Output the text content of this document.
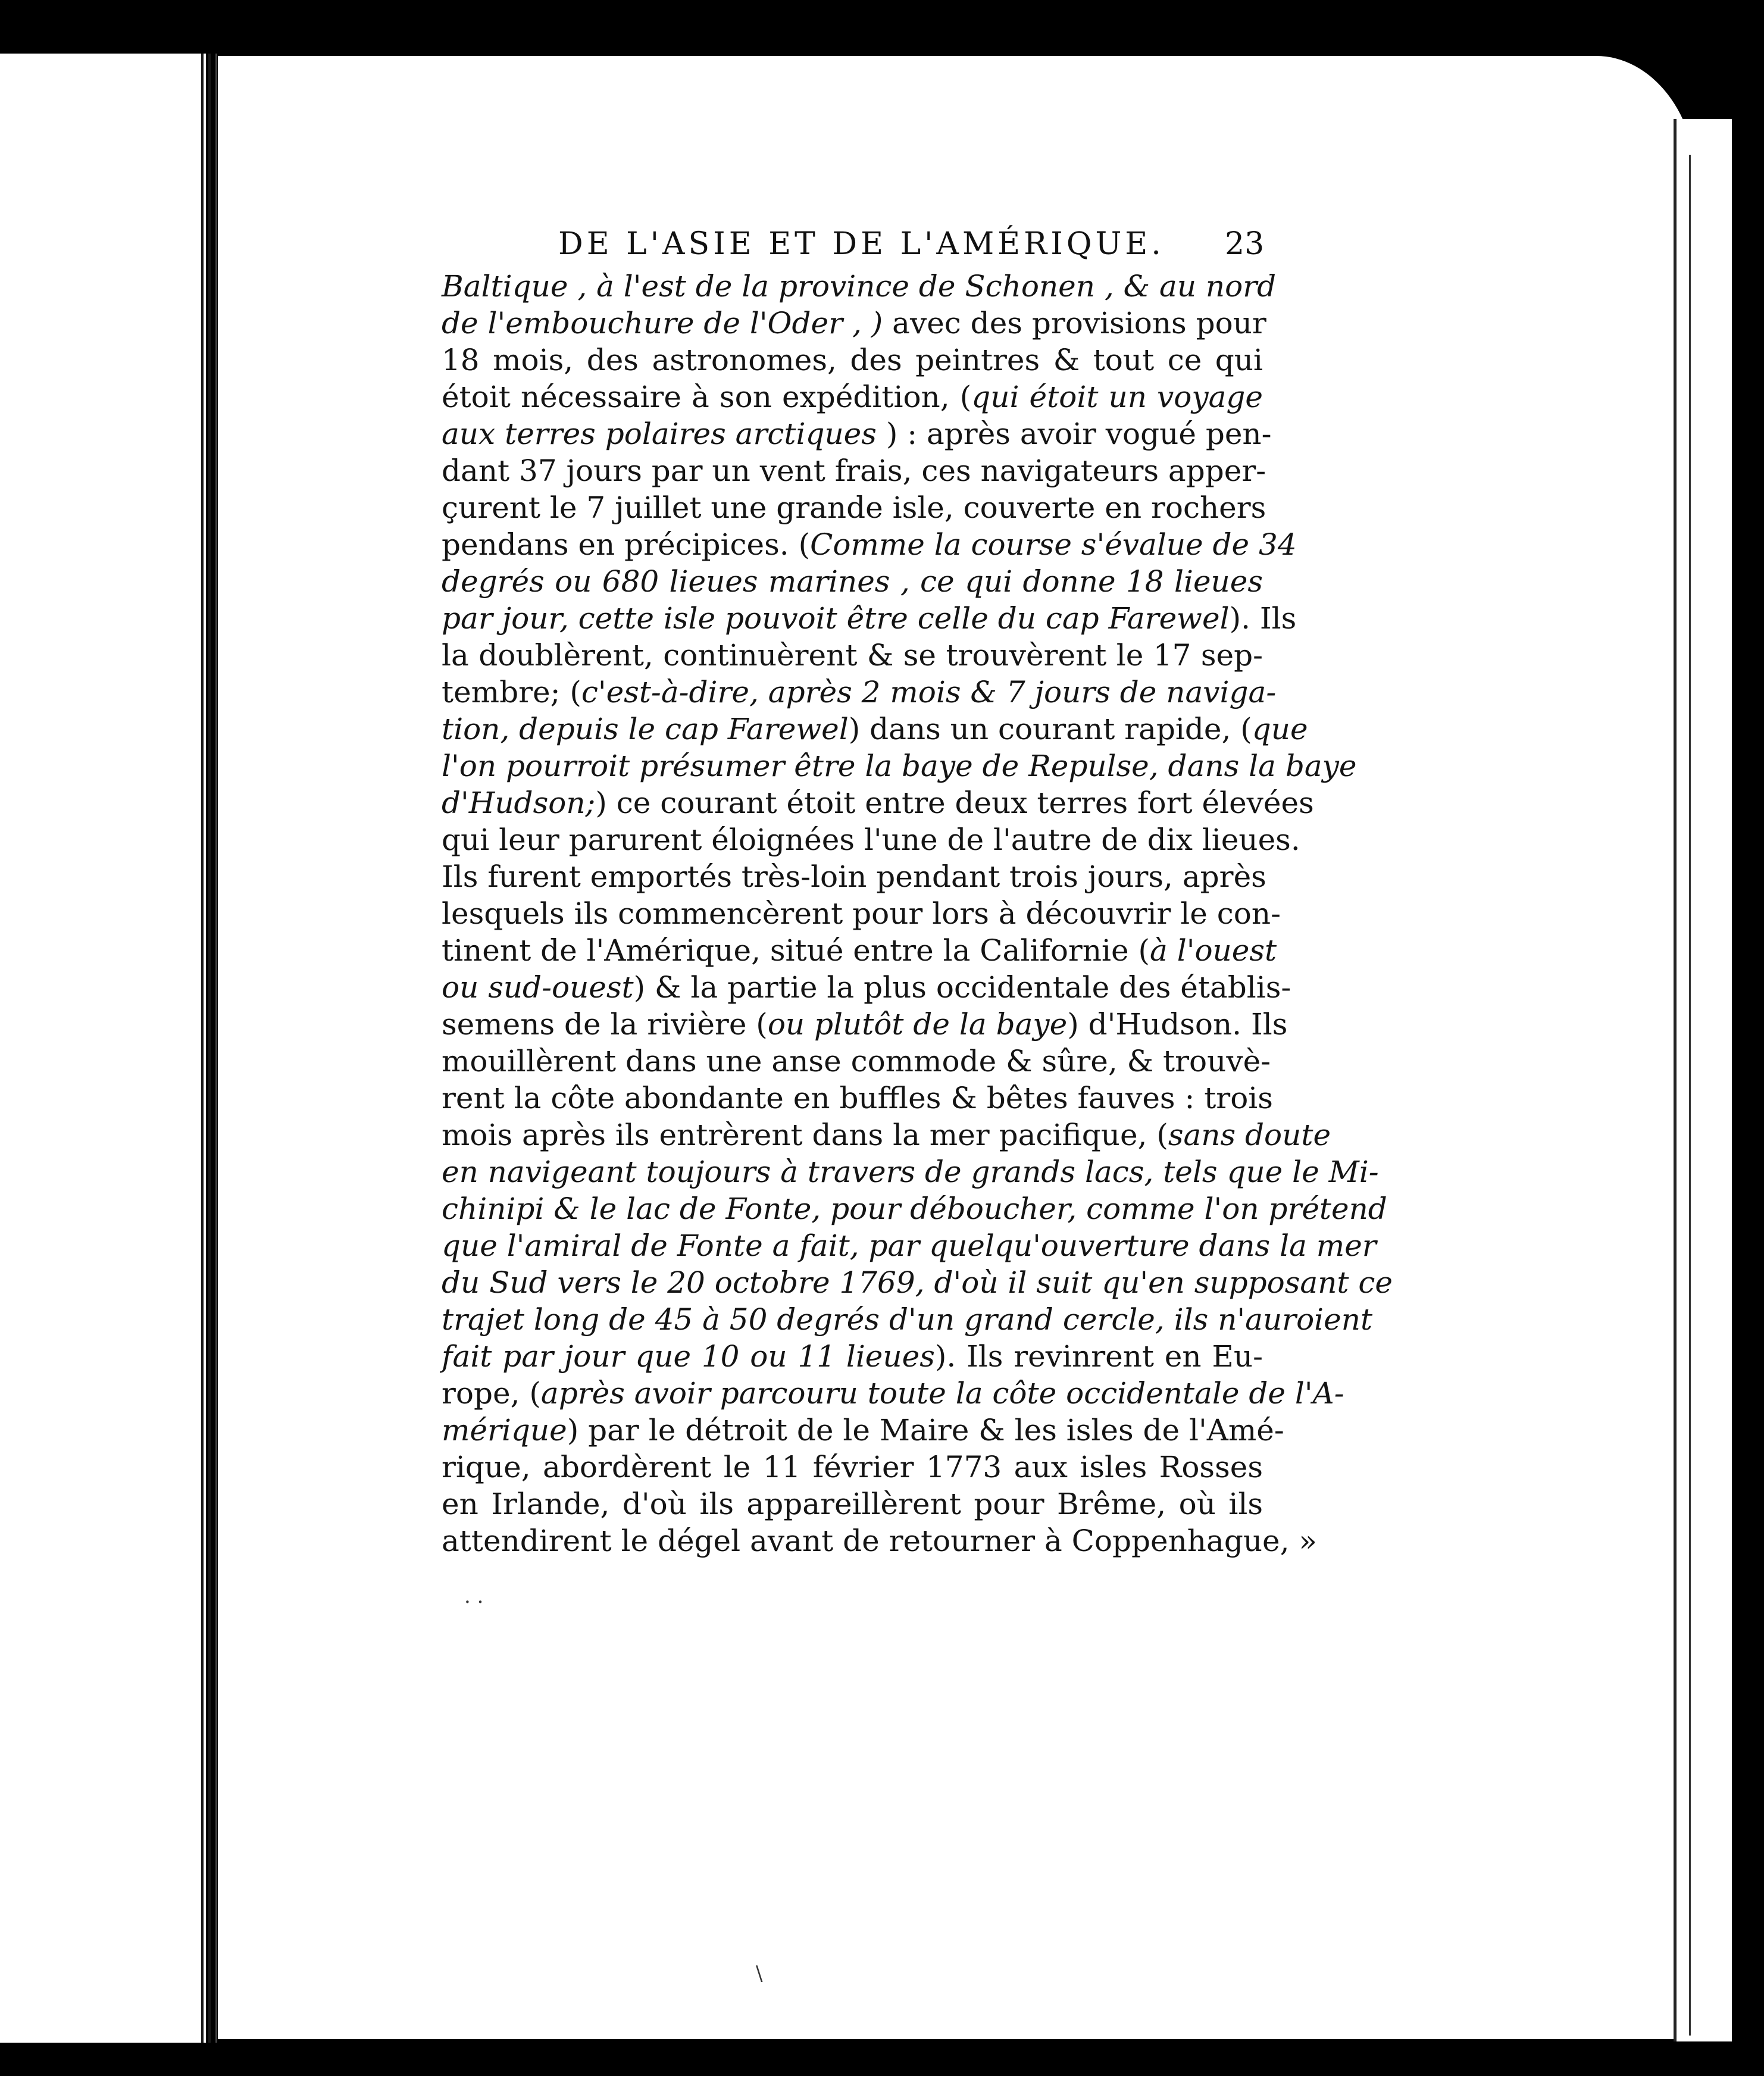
DE L'ASIE ET DE L'AMÉRIQUE. 23
Baltique , à l'est de la province de Schonen , & au nord
de l'embouchure de l'Oder , ) avec des provisions pour
18 mois, des astronomes, des peintres & tout ce qui
étoit nécessaire à son expédition, (qui étoit un voyage
aux terres polaires arctiques ) : après avoir vogué pen-
dant 37 jours par un vent frais, ces navigateurs apper-
çurent le 7 juillet une grande isle, couverte en rochers
pendans en précipices. (Comme la course s'évalue de 34
degrés ou 680 lieues marines , ce qui donne 18 lieues
par jour, cette isle pouvoit être celle du cap Farewel). Ils
la doublèrent, continuèrent & se trouvèrent le 17 sep-
tembre; (c'est-à-dire, après 2 mois & 7 jours de naviga-
tion, depuis le cap Farewel) dans un courant rapide, (que
l'on pourroit présumer être la baye de Repulse, dans la baye
d'Hudson;) ce courant étoit entre deux terres fort élevées
qui leur parurent éloignées l'une de l'autre de dix lieues.
Ils furent emportés très-loin pendant trois jours, après
lesquels ils commencèrent pour lors à découvrir le con-
tinent de l'Amérique, situé entre la Californie (à l'ouest
ou sud-ouest) & la partie la plus occidentale des établis-
semens de la rivière (ou plutôt de la baye) d'Hudson. Ils
mouillèrent dans une anse commode & sûre, & trouvè-
rent la côte abondante en buffles & bêtes fauves : trois
mois après ils entrèrent dans la mer pacifique, (sans doute
en navigeant toujours à travers de grands lacs, tels que le Mi-
chinipi & le lac de Fonte, pour déboucher, comme l'on prétend
que l'amiral de Fonte a fait, par quelqu'ouverture dans la mer
du Sud vers le 20 octobre 1769, d'où il suit qu'en supposant ce
trajet long de 45 à 50 degrés d'un grand cercle, ils n'auroient
fait par jour que 10 ou 11 lieues). Ils revinrent en Eu-
rope, (après avoir parcouru toute la côte occidentale de l'A-
mérique) par le détroit de le Maire & les isles de l'Amé-
rique, abordèrent le 11 février 1773 aux isles Rosses
en Irlande, d'où ils appareillèrent pour Brême, où ils
attendirent le dégel avant de retourner à Coppenhague, »
· ·
\
